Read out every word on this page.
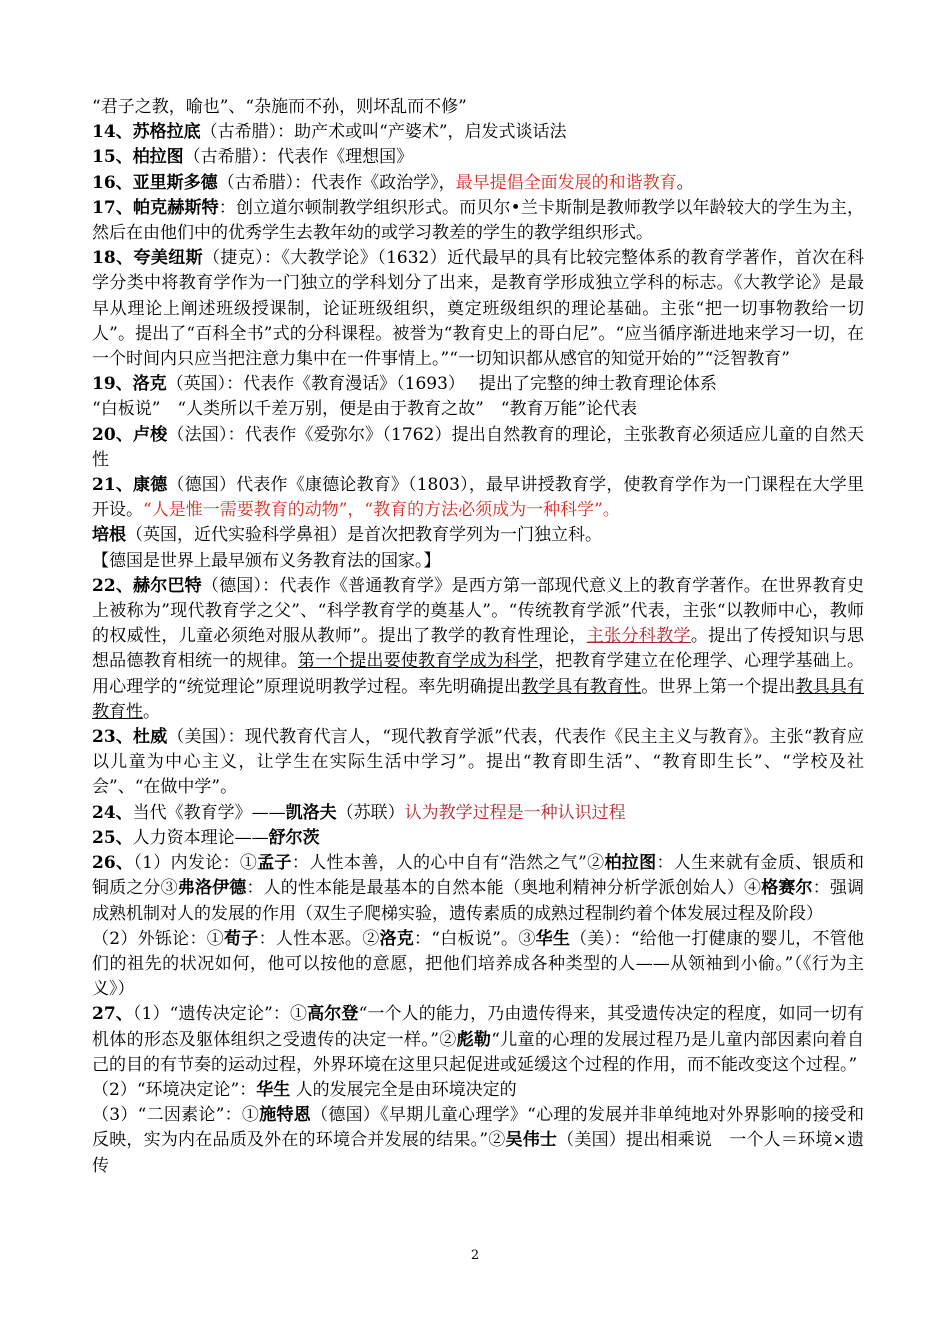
“君子之教，喻也”、“杂施而不孙，则坏乱而不修”

14、苏格拉底（古希腊）：助产术或叫“产婆术”，启发式谈话法

15、柏拉图（古希腊）：代表作《理想国》

16、亚里斯多德（古希腊）：代表作《政治学》，最早提倡全面发展的和谐教育。

17、帕克赫斯特：创立道尔顿制教学组织形式。而贝尔•兰卡斯制是教师教学以年龄较大的学生为主，然后在由他们中的优秀学生去教年幼的或学习教差的学生的教学组织形式。

18、夸美纽斯（捷克）：《大教学论》（1632）近代最早的具有比较完整体系的教育学著作，首次在科学分类中将教育学作为一门独立的学科划分了出来，是教育学形成独立学科的标志。《大教学论》是最早从理论上阐述班级授课制，论证班级组织，奠定班级组织的理论基础。主张“把一切事物教给一切人”。提出了“百科全书”式的分科课程。被誉为“教育史上的哥白尼”。“应当循序渐进地来学习一切，在一个时间内只应当把注意力集中在一件事情上。”“一切知识都从感官的知觉开始的”“泛智教育”

19、洛克（英国）：代表作《教育漫话》（1693）　 提出了完整的绅士教育理论体系

“白板说”　“人类所以千差万别，便是由于教育之故”　“教育万能”论代表

20、卢梭（法国）：代表作《爱弥尔》（1762）提出自然教育的理论，主张教育必须适应儿童的自然天性

21、康德（德国）代表作《康德论教育》（1803），最早讲授教育学，使教育学作为一门课程在大学里开设。“人是惟一需要教育的动物”，“教育的方法必须成为一种科学”。

培根（英国，近代实验科学鼻祖）是首次把教育学列为一门独立科。

【德国是世界上最早颁布义务教育法的国家。】

22、赫尔巴特（德国）：代表作《普通教育学》是西方第一部现代意义上的教育学著作。在世界教育史上被称为”现代教育学之父”、“科学教育学的奠基人”。“传统教育学派”代表，主张“以教师中心，教师的权威性，儿童必须绝对服从教师”。提出了教学的教育性理论，主张分科教学。提出了传授知识与思想品德教育相统一的规律。第一个提出要使教育学成为科学，把教育学建立在伦理学、心理学基础上。用心理学的“统觉理论”原理说明教学过程。率先明确提出教学具有教育性。世界上第一个提出教具具有教育性。

23、杜威（美国）：现代教育代言人，“现代教育学派”代表，代表作《民主主义与教育》。主张“教育应以儿童为中心主义，让学生在实际生活中学习”。提出“教育即生活”、“教育即生长”、“学校及社会”、“在做中学”。

24、当代《教育学》——凯洛夫（苏联）认为教学过程是一种认识过程

25、人力资本理论——舒尔茨

26、（1）内发论：①孟子：人性本善，人的心中自有“浩然之气”②柏拉图：人生来就有金质、银质和铜质之分③弗洛伊德：人的性本能是最基本的自然本能（奥地利精神分析学派创始人）④格赛尔：强调成熟机制对人的发展的作用（双生子爬梯实验，遗传素质的成熟过程制约着个体发展过程及阶段）

（2）外铄论：①荀子：人性本恶。②洛克：“白板说”。③华生（美）：“给他一打健康的婴儿，不管他们的祖先的状况如何，他可以按他的意愿，把他们培养成各种类型的人——从领袖到小偷。”（《行为主义》）

27、（1）“遗传决定论”：①高尔登“一个人的能力，乃由遗传得来，其受遗传决定的程度，如同一切有机体的形态及躯体组织之受遗传的决定一样。”②彪勒“儿童的心理的发展过程乃是儿童内部因素向着自己的目的有节奏的运动过程，外界环境在这里只起促进或延缓这个过程的作用，而不能改变这个过程。”

（2）“环境决定论”：华生 人的发展完全是由环境决定的

（3）“二因素论”：①施特恩（德国）《早期儿童心理学》“心理的发展并非单纯地对外界影响的接受和反映，实为内在品质及外在的环境合并发展的结果。”②吴伟士（美国）提出相乘说　一个人＝环境×遗传

2
